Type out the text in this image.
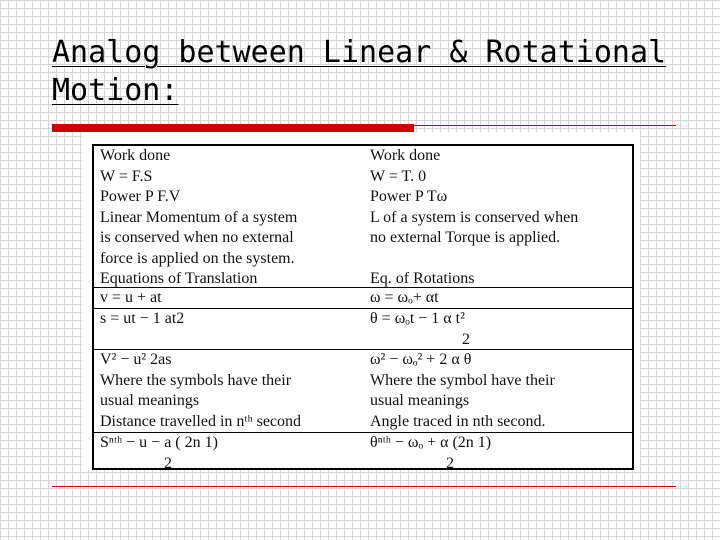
Analog between Linear & Rotational
Motion:
Work done
W = F.S
Power P F.V
Linear Momentum of a system
is conserved when no external
force is applied on the system.
Equations of Translation
Work done
W = T. 0
Power P Tω
L of a system is conserved when
no external Torque is applied.

Eq. of Rotations
v = u + at	ω = ωₒ+ αt
s = ut − 1 at2	θ = ωₒt − 1 α t²
2
V² − u² 2as
Where the symbols have their
usual meanings
Distance travelled in nᵗʰ second
ω² − ωₒ² + 2 α θ
Where the symbol have their
usual meanings
Angle traced in nth second.
Sⁿᵗʰ − u − a ( 2n 1)
2
θⁿᵗʰ − ωₒ + α (2n 1)
2
